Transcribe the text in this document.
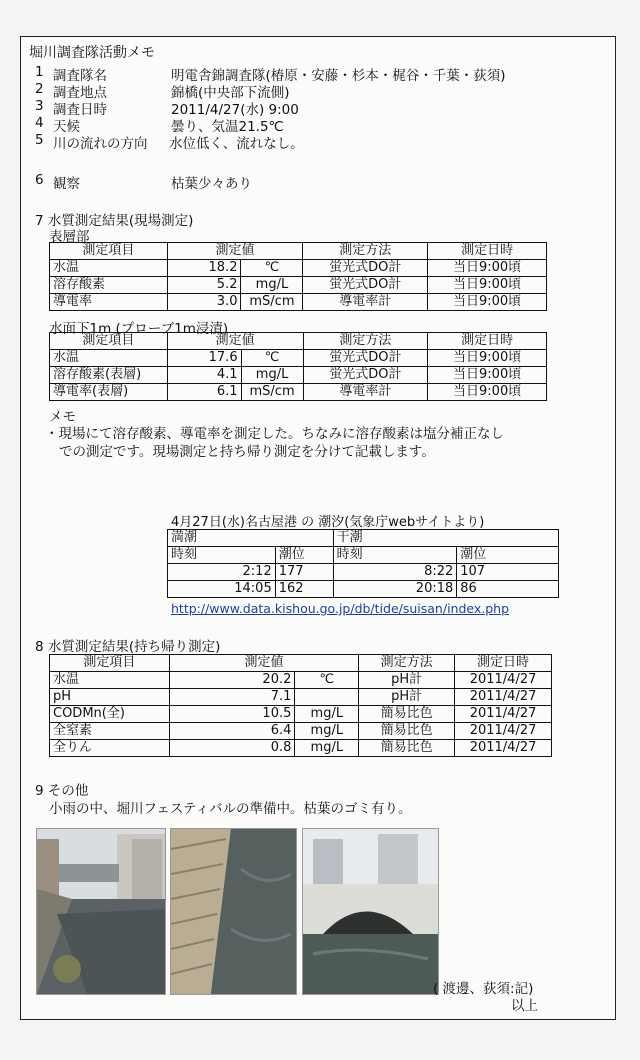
堀川調査隊活動メモ
1 調査隊名	明電舎錦調査隊(椿原・安藤・杉本・梶谷・千葉・荻須)
2 調査地点	錦橋(中央部下流側)
3 調査日時	2011/4/27(水) 9:00
4 天候	曇り、気温21.5℃
5 川の流れの方向 水位低く、流れなし。
6 観察	枯葉少々あり
7 水質測定結果(現場測定)
表層部
測定項目	測定値		測定方法	測定日時
水温	18.2	℃	蛍光式DO計	当日9:00頃
溶存酸素	5.2	mg/L	蛍光式DO計	当日9:00頃
導電率	3.0	mS/cm	導電率計	当日9:00頃
水面下1m (プローブ1m浸漬)
測定項目	測定値		測定方法	測定日時
水温	17.6	℃	蛍光式DO計	当日9:00頃
溶存酸素(表層)	4.1	mg/L	蛍光式DO計	当日9:00頃
導電率(表層)	6.1	mS/cm	導電率計	当日9:00頃
メモ
・現場にて溶存酸素、導電率を測定した。ちなみに溶存酸素は塩分補正なし
での測定です。現場測定と持ち帰り測定を分けて記載します。
4月27日(水)名古屋港 の 潮汐(気象庁webサイトより)
満潮		干潮	
時刻	潮位	時刻	潮位
2:12	177	8:22	107
14:05	162	20:18	86
http://www.data.kishou.go.jp/db/tide/suisan/index.php
8 水質測定結果(持ち帰り測定)
測定項目	測定値		測定方法	測定日時
水温	20.2	℃	pH計	2011/4/27
pH	7.1		pH計	2011/4/27
CODMn(全)	10.5	mg/L	簡易比色	2011/4/27
全窒素	6.4	mg/L	簡易比色	2011/4/27
全りん	0.8	mg/L	簡易比色	2011/4/27
9 その他
小雨の中、堀川フェスティバルの準備中。枯葉のゴミ有り。
( 渡邊、荻須:記)
以上
